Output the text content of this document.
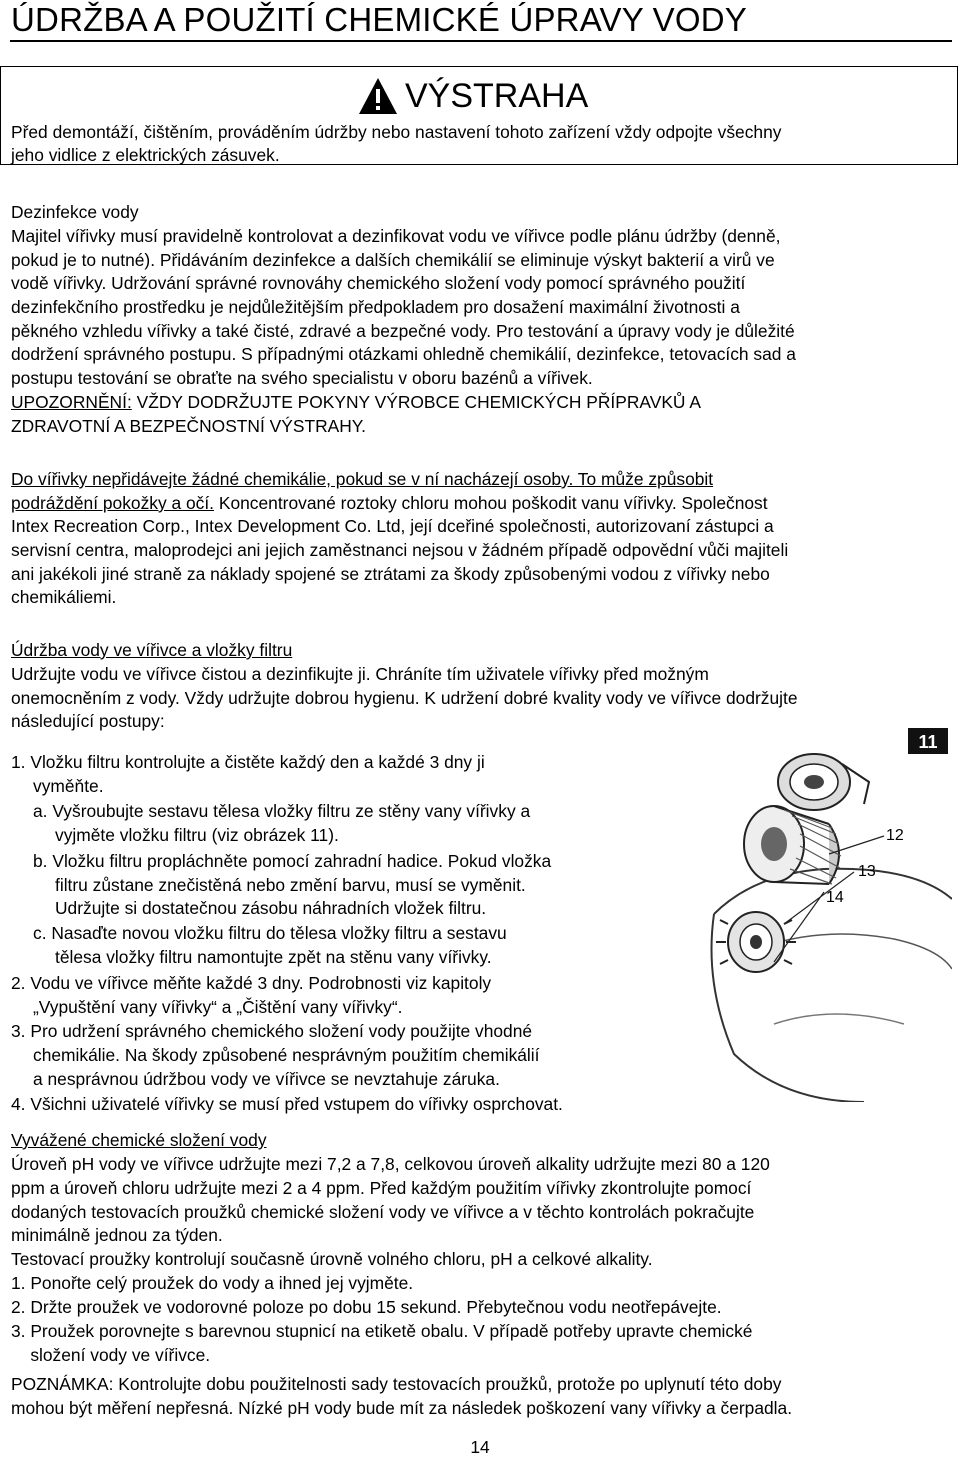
ÚDRŽBA A POUŽITÍ CHEMICKÉ ÚPRAVY VODY
VÝSTRAHA

Před demontáží, čištěním, prováděním údržby nebo nastavení tohoto zařízení vždy odpojte všechny

jeho vidlice z elektrických zásuvek.

Dezinfekce vody

Majitel vířivky musí pravidelně kontrolovat a dezinfikovat vodu ve vířivce podle plánu údržby (denně,

pokud je to nutné). Přidáváním dezinfekce a dalších chemikálií se eliminuje výskyt bakterií a virů ve

vodě vířivky. Udržování správné rovnováhy chemického složení vody pomocí správného použití

dezinfekčního prostředku je nejdůležitějším předpokladem pro dosažení maximální životnosti a

pěkného vzhledu vířivky a také čisté, zdravé a bezpečné vody. Pro testování a úpravy vody je důležité

dodržení správného postupu. S případnými otázkami ohledně chemikálií, dezinfekce, tetovacích sad a

postupu testování se obraťte na svého specialistu v oboru bazénů a vířivek.

UPOZORNĚNÍ: VŽDY DODRŽUJTE POKYNY VÝROBCE CHEMICKÝCH PŘÍPRAVKŮ A

ZDRAVOTNÍ A BEZPEČNOSTNÍ VÝSTRAHY.

Do vířivky nepřidávejte žádné chemikálie, pokud se v ní nacházejí osoby. To může způsobit

podráždění pokožky a očí. Koncentrované roztoky chloru mohou poškodit vanu vířivky. Společnost

Intex Recreation Corp., Intex Development Co. Ltd, její dceřiné společnosti, autorizovaní zástupci a

servisní centra, maloprodejci ani jejich zaměstnanci nejsou v žádném případě odpovědní vůči majiteli

ani jakékoli jiné straně za náklady spojené se ztrátami za škody způsobenými vodou z vířivky nebo

chemikáliemi.

Údržba vody ve vířivce a vložky filtru

Udržujte vodu ve vířivce čistou a dezinfikujte ji. Chráníte tím uživatele vířivky před možným

onemocněním z vody. Vždy udržujte dobrou hygienu. K udržení dobré kvality vody ve vířivce dodržujte

následující postupy:

1. Vložku filtru kontrolujte a čistěte každý den a každé 3 dny ji

vyměňte.

a. Vyšroubujte sestavu tělesa vložky filtru ze stěny vany vířivky a

vyjměte vložku filtru (viz obrázek 11).

b. Vložku filtru propláchněte pomocí zahradní hadice. Pokud vložka

filtru zůstane znečistěná nebo změní barvu, musí se vyměnit.

Udržujte si dostatečnou zásobu náhradních vložek filtru.

c. Nasaďte novou vložku filtru do tělesa vložky filtru a sestavu

tělesa vložky filtru namontujte zpět na stěnu vany vířivky.

2. Vodu ve vířivce měňte každé 3 dny. Podrobnosti viz kapitoly

„Vypuštění vany vířivky“ a „Čištění vany vířivky“.

3. Pro udržení správného chemického složení vody použijte vhodné

chemikálie. Na škody způsobené nesprávným použitím chemikálií

a nesprávnou údržbou vody ve vířivce se nevztahuje záruka.

4. Všichni uživatelé vířivky se musí před vstupem do vířivky osprchovat.

11
12
13
14

Vyvážené chemické složení vody

Úroveň pH vody ve vířivce udržujte mezi 7,2 a 7,8, celkovou úroveň alkality udržujte mezi 80 a 120

ppm a úroveň chloru udržujte mezi 2 a 4 ppm. Před každým použitím vířivky zkontrolujte pomocí

dodaných testovacích proužků chemické složení vody ve vířivce a v těchto kontrolách pokračujte

minimálně jednou za týden.

Testovací proužky kontrolují současně úrovně volného chloru, pH a celkové alkality.

1. Ponořte celý proužek do vody a ihned jej vyjměte.

2. Držte proužek ve vodorovné poloze po dobu 15 sekund. Přebytečnou vodu neotřepávejte.

3. Proužek porovnejte s barevnou stupnicí na etiketě obalu. V případě potřeby upravte chemické

složení vody ve vířivce.

POZNÁMKA: Kontrolujte dobu použitelnosti sady testovacích proužků, protože po uplynutí této doby

mohou být měření nepřesná. Nízké pH vody bude mít za následek poškození vany vířivky a čerpadla.

14
